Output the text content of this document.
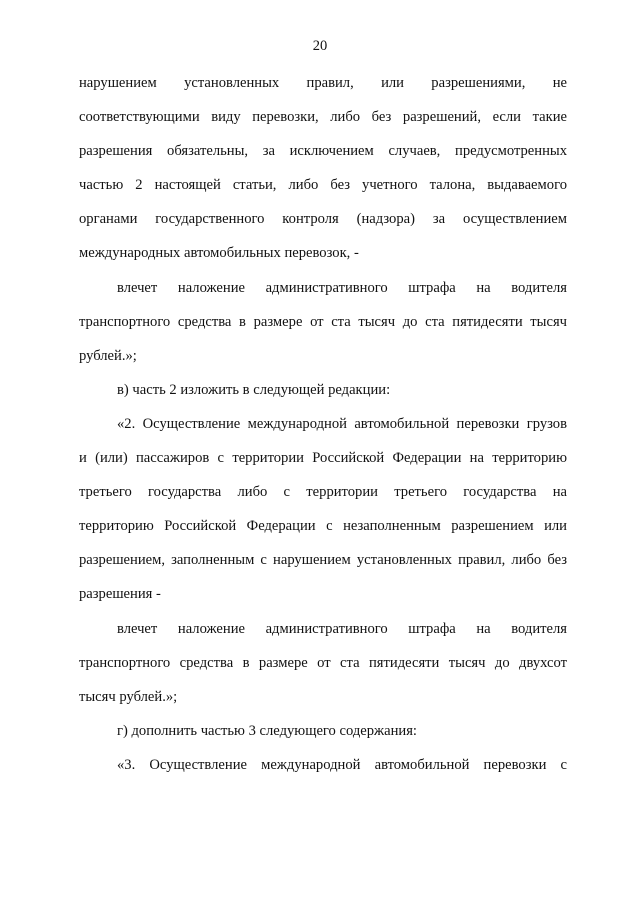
20
нарушением установленных правил, или разрешениями, не
соответствующими виду перевозки, либо без разрешений, если такие
разрешения обязательны, за исключением случаев, предусмотренных
частью 2 настоящей статьи, либо без учетного талона, выдаваемого
органами государственного контроля (надзора) за осуществлением
международных автомобильных перевозок, -
влечет наложение административного штрафа на водителя
транспортного средства в размере от ста тысяч до ста пятидесяти тысяч
рублей.»;
в) часть 2 изложить в следующей редакции:
«2. Осуществление международной автомобильной перевозки грузов
и (или) пассажиров с территории Российской Федерации на территорию
третьего государства либо с территории третьего государства на
территорию Российской Федерации с незаполненным разрешением или
разрешением, заполненным с нарушением установленных правил, либо без
разрешения -
влечет наложение административного штрафа на водителя
транспортного средства в размере от ста пятидесяти тысяч до двухсот
тысяч рублей.»;
г) дополнить частью 3 следующего содержания:
«3. Осуществление международной автомобильной перевозки с
